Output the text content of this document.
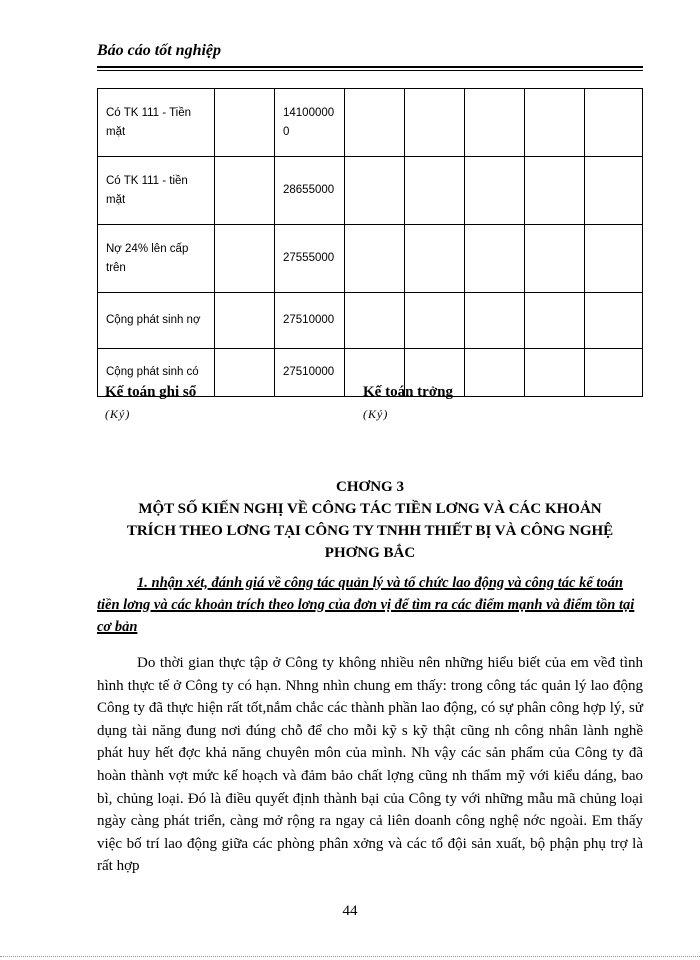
Báo cáo tốt nghiệp
Có TK 111 - Tiền mặt		141000000					
Có TK 111 - tiền mặt		28655000					
Nợ 24% lên cấp trên		27555000					
Cộng phát sinh nợ		27510000					
Cộng phát sinh có		27510000					
Kế toán ghi sổ
(Ký)
Kế toán trởng
(Ký)
CHƠNG 3
MỘT SỐ KIẾN NGHỊ VỀ CÔNG TÁC TIỀN LƠNG VÀ CÁC KHOẢN
TRÍCH THEO LƠNG TẠI CÔNG TY TNHH THIẾT BỊ VÀ CÔNG NGHỆ
PHƠNG BẮC
1. nhận xét, đánh giá về công tác quản lý và tổ chức lao động và công tác kế toán tiền lơng và các khoản trích theo lơng của đơn vị để tìm ra các điểm mạnh và điểm tồn tại cơ bản

Do thời gian thực tập ở Công ty không nhiều nên những hiểu biết của em vềđ tình hình thực tế ở Công ty có hạn. Nhng nhìn chung em thấy: trong công tác quản lý lao động Công ty đã thực hiện rất tốt,nắm chắc các thành phần lao động, có sự phân công hợp lý, sử dụng tài năng đung nơi đúng chỗ để cho mỗi kỹ s kỹ thật cũng nh công nhân lành nghề phát huy hết đợc khả năng chuyên môn của mình. Nh vậy các sản phẩm của Công ty đã hoàn thành vợt mức kế hoạch và đảm bảo chất lợng cũng nh thẩm mỹ với kiểu dáng, bao bì, chủng loại. Đó là điều quyết định thành bại của Công ty với những mẫu mã chủng loại ngày càng phát triển, càng mở rộng ra ngay cả liên doanh công nghệ nớc ngoài. Em thấy việc bố trí lao động giữa các phòng phân xởng và các tổ đội sản xuất, bộ phận phụ trợ là rất hợp

44
